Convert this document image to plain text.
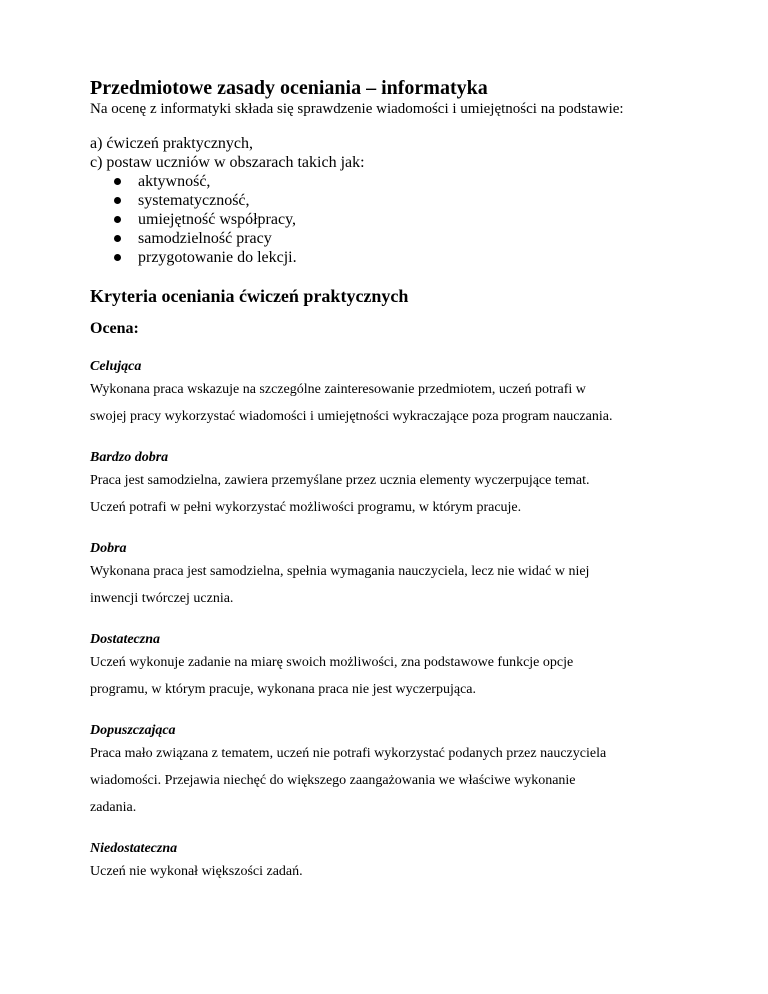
Przedmiotowe zasady oceniania – informatyka

Na ocenę z informatyki składa się sprawdzenie wiadomości i umiejętności na podstawie:

a) ćwiczeń praktycznych,

c) postaw uczniów w obszarach takich jak:

aktywność,
systematyczność,
umiejętność współpracy,
samodzielność pracy
przygotowanie do lekcji.

Kryteria oceniania ćwiczeń praktycznych

Ocena:

Celująca

Wykonana praca wskazuje na szczególne zainteresowanie przedmiotem, uczeń potrafi w
swojej pracy wykorzystać wiadomości i umiejętności wykraczające poza program nauczania.

Bardzo dobra

Praca jest samodzielna, zawiera przemyślane przez ucznia elementy wyczerpujące temat.
Uczeń potrafi w pełni wykorzystać możliwości programu, w którym pracuje.

Dobra

Wykonana praca jest samodzielna, spełnia wymagania nauczyciela, lecz nie widać w niej
inwencji twórczej ucznia.

Dostateczna

Uczeń wykonuje zadanie na miarę swoich możliwości, zna podstawowe funkcje opcje
programu, w którym pracuje, wykonana praca nie jest wyczerpująca.

Dopuszczająca

Praca mało związana z tematem, uczeń nie potrafi wykorzystać podanych przez nauczyciela
wiadomości. Przejawia niechęć do większego zaangażowania we właściwe wykonanie
zadania.

Niedostateczna

Uczeń nie wykonał większości zadań.
